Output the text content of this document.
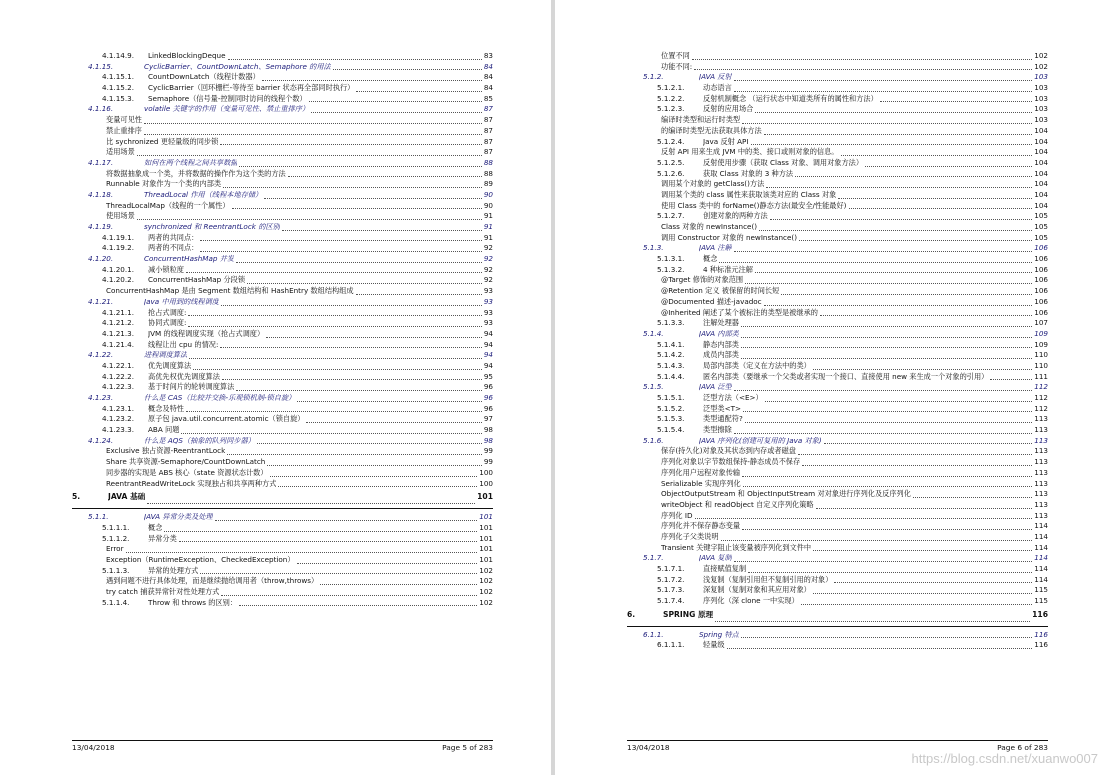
4.1.14.9.	LinkedBlockingDeque	83
4.1.15.	CyclicBarrier、CountDownLatch、Semaphore 的用法	84
4.1.15.1.	CountDownLatch（线程计数器）	84
4.1.15.2.	CyclicBarrier（回环栅栏-等待至 barrier 状态再全部同时执行）	84
4.1.15.3.	Semaphore（信号量-控制同时访问的线程个数）	85
4.1.16.	volatile 关键字的作用（变量可见性、禁止重排序）	87
变量可见性	87
禁止重排序	87
比 sychronized 更轻量级的同步锁	87
适用场景	87
4.1.17.	如何在两个线程之间共享数据	88
将数据抽象成一个类，并将数据的操作作为这个类的方法	88
Runnable 对象作为一个类的内部类	89
4.1.18.	ThreadLocal 作用（线程本地存储）	90
ThreadLocalMap（线程的一个属性）	90
使用场景	91
4.1.19.	synchronized 和 ReentrantLock 的区别	91
4.1.19.1.	两者的共同点：	91
4.1.19.2.	两者的不同点：	92
4.1.20.	ConcurrentHashMap 并发	92
4.1.20.1.	减小锁粒度	92
4.1.20.2.	ConcurrentHashMap 分段锁	92
ConcurrentHashMap 是由 Segment 数组结构和 HashEntry 数组结构组成	93
4.1.21.	Java 中用到的线程调度	93
4.1.21.1.	抢占式调度:	93
4.1.21.2.	协同式调度:	93
4.1.21.3.	JVM 的线程调度实现（抢占式调度）	94
4.1.21.4.	线程让出 cpu 的情况:	94
4.1.22.	进程调度算法	94
4.1.22.1.	优先调度算法	94
4.1.22.2.	高优先权优先调度算法	95
4.1.22.3.	基于时间片的轮转调度算法	96
4.1.23.	什么是 CAS（比较并交换-乐观锁机制-锁自旋）	96
4.1.23.1.	概念及特性	96
4.1.23.2.	原子包 java.util.concurrent.atomic（锁自旋）	97
4.1.23.3.	ABA 问题	98
4.1.24.	什么是 AQS（抽象的队列同步器）	98
Exclusive 独占资源-ReentrantLock	99
Share 共享资源-Semaphore/CountDownLatch	99
同步器的实现是 ABS 核心（state 资源状态计数）	100
ReentrantReadWriteLock 实现独占和共享两种方式	100
5.	JAVA 基础	101
5.1.1.	JAVA 异常分类及处理	101
5.1.1.1.	概念	101
5.1.1.2.	异常分类	101
Error	101
Exception（RuntimeException、CheckedException）	101
5.1.1.3.	异常的处理方式	102
遇到问题不进行具体处理，而是继续抛给调用者（throw,throws）	102
try catch 捕获异常针对性处理方式	102
5.1.1.4.	Throw 和 throws 的区别：	102
13/04/2018	Page 5 of 283
位置不同	102
功能不同:	102
5.1.2.	JAVA 反射	103
5.1.2.1.	动态语言	103
5.1.2.2.	反射机制概念 （运行状态中知道类所有的属性和方法）	103
5.1.2.3.	反射的应用场合	103
编译时类型和运行时类型	103
的编译时类型无法获取具体方法	104
5.1.2.4.	Java 反射 API	104
反射 API 用来生成 JVM 中的类、接口或则对象的信息。	104
5.1.2.5.	反射使用步骤（获取 Class 对象、调用对象方法）	104
5.1.2.6.	获取 Class 对象的 3 种方法	104
调用某个对象的 getClass()方法	104
调用某个类的 class 属性来获取该类对应的 Class 对象	104
使用 Class 类中的 forName()静态方法(最安全/性能最好)	104
5.1.2.7.	创建对象的两种方法	105
Class 对象的 newInstance()	105
调用 Constructor 对象的 newInstance()	105
5.1.3.	JAVA 注解	106
5.1.3.1.	概念	106
5.1.3.2.	4 种标准元注解	106
@Target 修饰的对象范围	106
@Retention 定义 被保留的时间长短	106
@Documented 描述-javadoc	106
@Inherited 阐述了某个被标注的类型是被继承的	106
5.1.3.3.	注解处理器	107
5.1.4.	JAVA 内部类	109
5.1.4.1.	静态内部类	109
5.1.4.2.	成员内部类	110
5.1.4.3.	局部内部类（定义在方法中的类）	110
5.1.4.4.	匿名内部类（要继承一个父类或者实现一个接口、直接使用 new 来生成一个对象的引用）	111
5.1.5.	JAVA 泛型	112
5.1.5.1.	泛型方法（<E>）	112
5.1.5.2.	泛型类<T>	112
5.1.5.3.	类型通配符?	113
5.1.5.4.	类型擦除	113
5.1.6.	JAVA 序列化(创建可复用的 Java 对象)	113
保存(持久化)对象及其状态到内存或者磁盘	113
序列化对象以字节数组保持-静态成员不保存	113
序列化用户远程对象传输	113
Serializable 实现序列化	113
ObjectOutputStream 和 ObjectInputStream 对对象进行序列化及反序列化	113
writeObject 和 readObject 自定义序列化策略	113
序列化 ID	113
序列化并不保存静态变量	114
序列化子父类说明	114
Transient 关键字阻止该变量被序列化到文件中	114
5.1.7.	JAVA 复制	114
5.1.7.1.	直接赋值复制	114
5.1.7.2.	浅复制（复制引用但不复制引用的对象）	114
5.1.7.3.	深复制（复制对象和其应用对象）	115
5.1.7.4.	序列化（深 clone 一中实现）	115
6.	SPRING 原理	116
6.1.1.	Spring 特点	116
6.1.1.1.	轻量级	116
13/04/2018	Page 6 of 283
https://blog.csdn.net/xuanwo007
